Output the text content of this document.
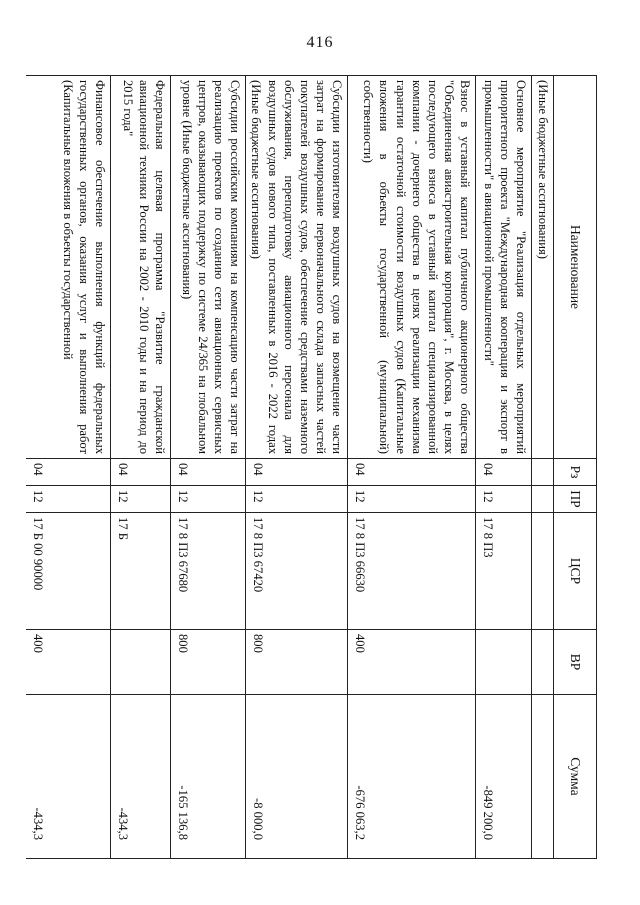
416
Наименование	Рз	ПР	ЦСР	ВР	Сумма
(Иные бюджетные ассигнования)					
Основное мероприятие "Реализация отдельных мероприятий приоритетного проекта "Международная кооперация и экспорт в промышленности" в авиационной промышленности"	04	12	17 8 П3		-849 200,0
Взнос в уставный капитал публичного акционерного общества "Объединенная авиастроительная корпорация", г. Москва, в целях последующего взноса в уставный капитал специализированной компании - дочернего общества в целях реализации механизма гарантии остаточной стоимости воздушных судов (Капитальные вложения в объекты государственной (муниципальной) собственности)	04	12	17 8 П3 66630	400	-676 063,2
Субсидии изготовителям воздушных судов на возмещение части затрат на формирование первоначального склада запасных частей покупателей воздушных судов, обеспечение средствами наземного обслуживания, переподготовку авиационного персонала для воздушных судов нового типа, поставленных в 2016 - 2022 годах (Иные бюджетные ассигнования)	04	12	17 8 П3 67420	800	-8 000,0
Субсидии российским компаниям на компенсацию части затрат на реализацию проектов по созданию сети авиационных сервисных центров, оказывающих поддержку по системе 24/365 на глобальном уровне (Иные бюджетные ассигнования)	04	12	17 8 П3 67680	800	-165 136,8
Федеральная целевая программа "Развитие гражданской авиационной техники России на 2002 - 2010 годы и на период до 2015 года"	04	12	17 Б		-434,3
Финансовое обеспечение выполнения функций федеральных государственных органов, оказания услуг и выполнения работ (Капитальные вложения в объекты государственной	04	12	17 Б 00 90000	400	-434,3
